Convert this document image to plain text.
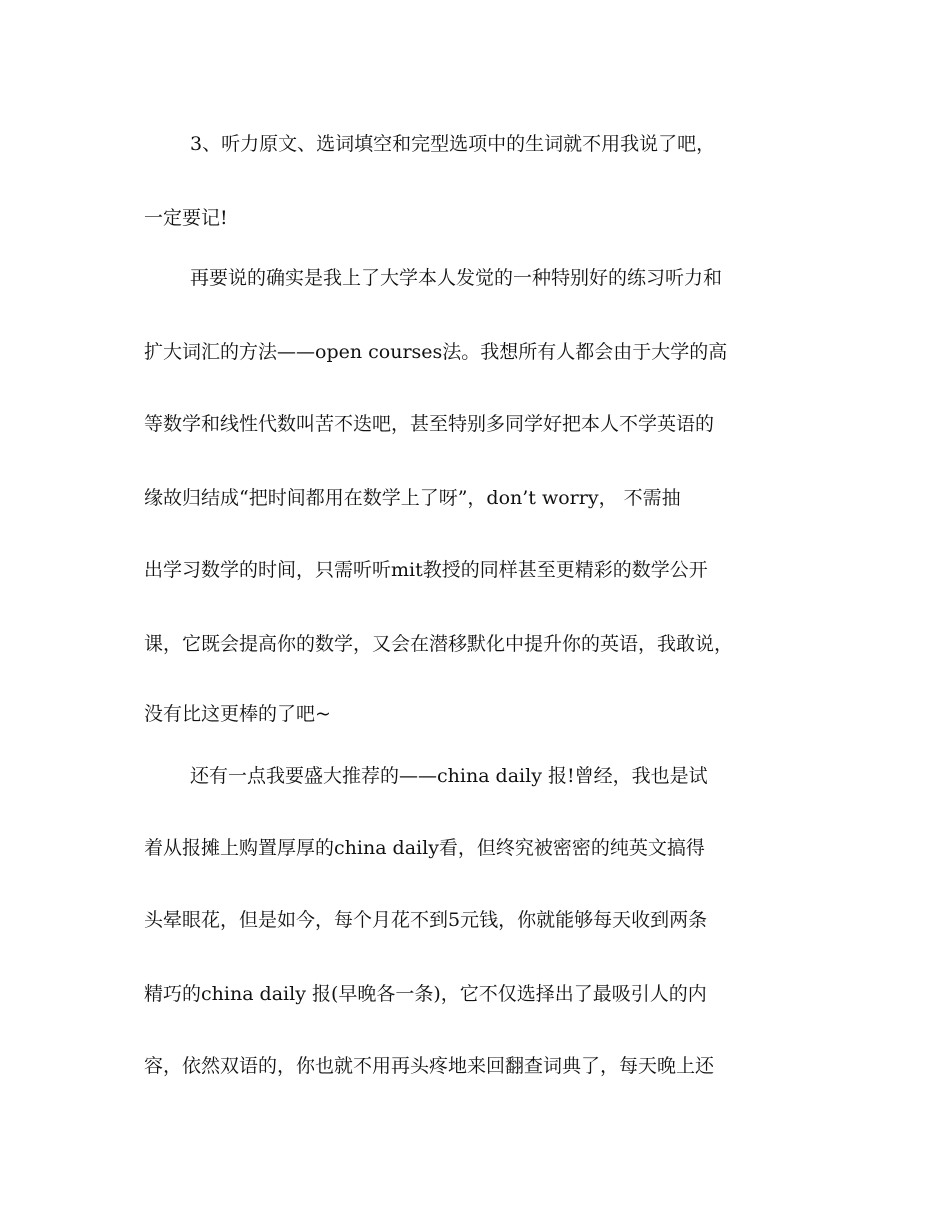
3、听力原文、选词填空和完型选项中的生词就不用我说了吧，
一定要记!
再要说的确实是我上了大学本人发觉的一种特别好的练习听力和
扩大词汇的方法——open courses法。我想所有人都会由于大学的高
等数学和线性代数叫苦不迭吧，甚至特别多同学好把本人不学英语的
缘故归结成“把时间都用在数学上了呀”，don’t worry， 不需抽
出学习数学的时间，只需听听mit教授的同样甚至更精彩的数学公开
课，它既会提高你的数学，又会在潜移默化中提升你的英语，我敢说，
没有比这更棒的了吧~
还有一点我要盛大推荐的——china daily 报!曾经，我也是试
着从报摊上购置厚厚的china daily看，但终究被密密的纯英文搞得
头晕眼花，但是如今，每个月花不到5元钱，你就能够每天收到两条
精巧的china daily 报(早晚各一条)，它不仅选择出了最吸引人的内
容，依然双语的，你也就不用再头疼地来回翻查词典了，每天晚上还
